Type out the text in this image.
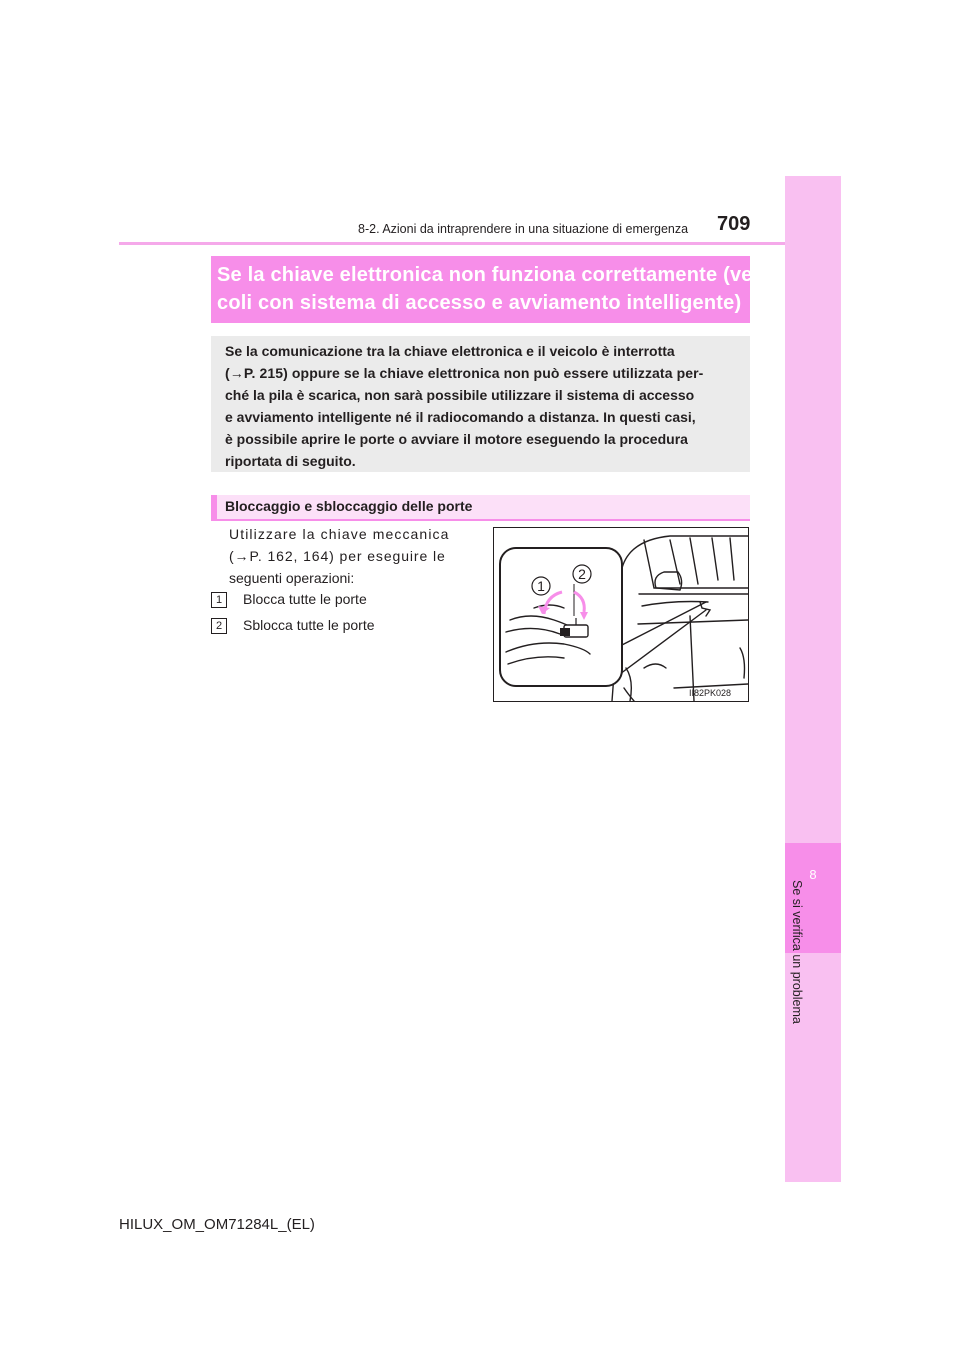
8
Se si verifica un problema
8-2. Azioni da intraprendere in una situazione di emergenza 709
Se la chiave elettronica non funziona correttamente (vei-
coli con sistema di accesso e avviamento intelligente)
Se la comunicazione tra la chiave elettronica e il veicolo è interrotta
(→P. 215) oppure se la chiave elettronica non può essere utilizzata per-
ché la pila è scarica, non sarà possibile utilizzare il sistema di accesso
e avviamento intelligente né il radiocomando a distanza. In questi casi,
è possibile aprire le porte o avviare il motore eseguendo la procedura
riportata di seguito.
Bloccaggio e sbloccaggio delle porte
Utilizzare la chiave meccanica
(→P. 162, 164) per eseguire le
seguenti operazioni:
1	Blocca tutte le porte
2	Sblocca tutte le porte
1
2
II82PK028
HILUX_OM_OM71284L_(EL)
